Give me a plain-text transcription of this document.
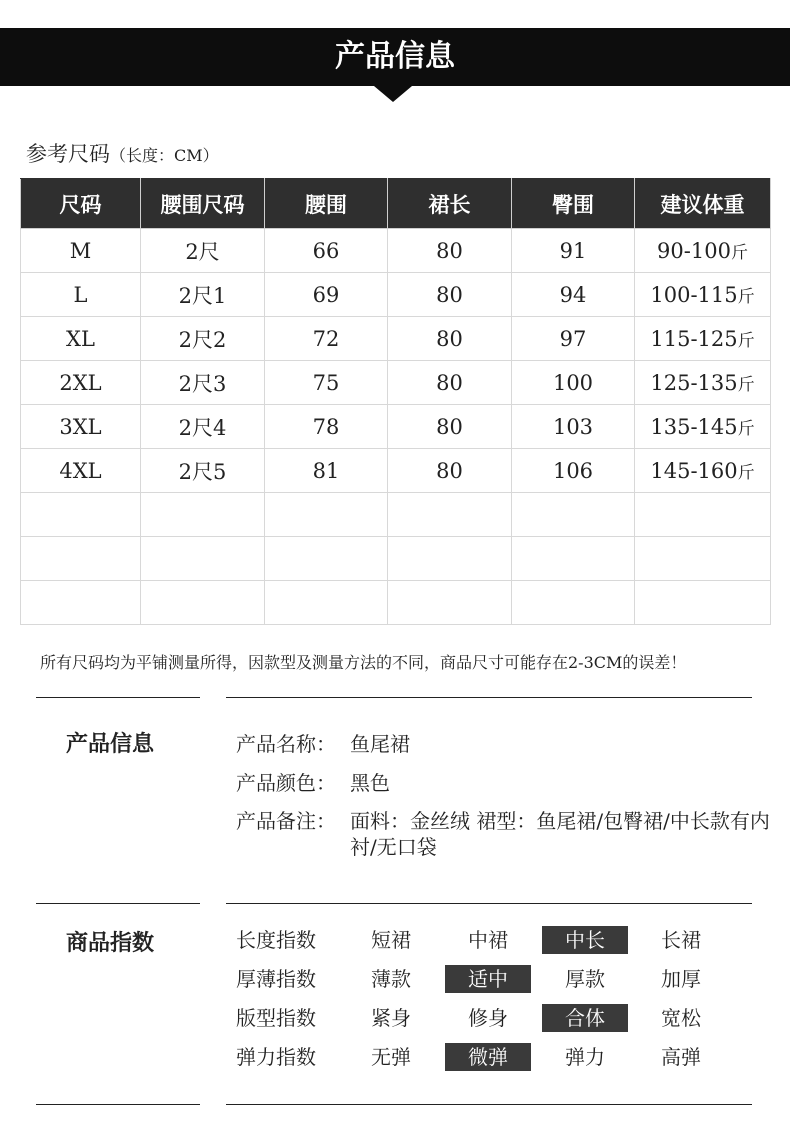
产品信息
参考尺码（长度：CM）
尺码	腰围尺码	腰围	裙长	臀围	建议体重
M	2尺	66	80	91	90-100斤
L	2尺1	69	80	94	100-115斤
XL	2尺2	72	80	97	115-125斤
2XL	2尺3	75	80	100	125-135斤
3XL	2尺4	78	80	103	135-145斤
4XL	2尺5	81	80	106	145-160斤

所有尺码均为平铺测量所得，因款型及测量方法的不同，商品尺寸可能存在2-3CM的误差！
产品信息	产品名称： 鱼尾裙
产品颜色： 黑色
产品备注： 面料：金丝绒 裙型：鱼尾裙/包臀裙/中长款有内衬/无口袋
商品指数	长度指数	短裙	中裙	中长	长裙
厚薄指数	薄款	适中	厚款	加厚
版型指数	紧身	修身	合体	宽松
弹力指数	无弹	微弹	弹力	高弹
